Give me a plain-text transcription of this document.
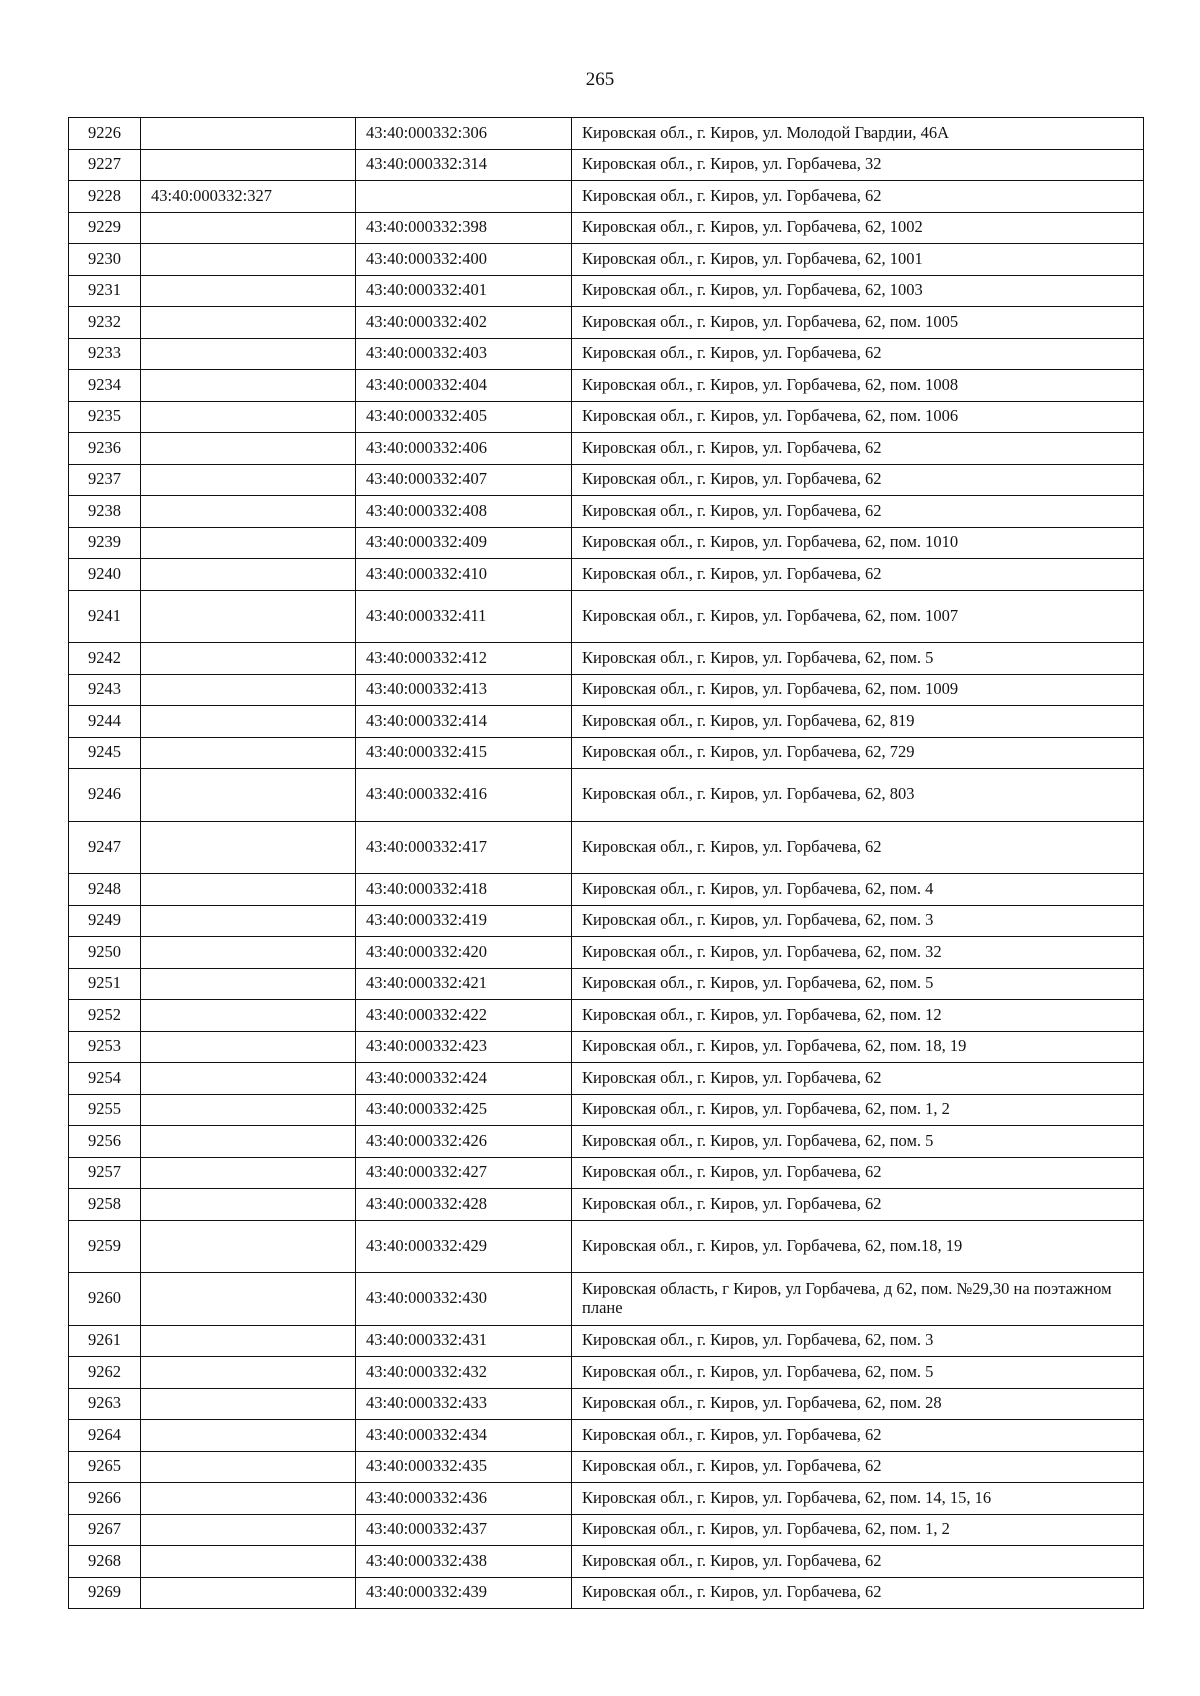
265
9226		43:40:000332:306	Кировская обл., г. Киров, ул. Молодой Гвардии, 46А
9227		43:40:000332:314	Кировская обл., г. Киров, ул. Горбачева, 32
9228	43:40:000332:327		Кировская обл., г. Киров, ул. Горбачева, 62
9229		43:40:000332:398	Кировская обл., г. Киров, ул. Горбачева, 62, 1002
9230		43:40:000332:400	Кировская обл., г. Киров, ул. Горбачева, 62, 1001
9231		43:40:000332:401	Кировская обл., г. Киров, ул. Горбачева, 62, 1003
9232		43:40:000332:402	Кировская обл., г. Киров, ул. Горбачева, 62, пом. 1005
9233		43:40:000332:403	Кировская обл., г. Киров, ул. Горбачева, 62
9234		43:40:000332:404	Кировская обл., г. Киров, ул. Горбачева, 62, пом. 1008
9235		43:40:000332:405	Кировская обл., г. Киров, ул. Горбачева, 62, пом. 1006
9236		43:40:000332:406	Кировская обл., г. Киров, ул. Горбачева, 62
9237		43:40:000332:407	Кировская обл., г. Киров, ул. Горбачева, 62
9238		43:40:000332:408	Кировская обл., г. Киров, ул. Горбачева, 62
9239		43:40:000332:409	Кировская обл., г. Киров, ул. Горбачева, 62, пом. 1010
9240		43:40:000332:410	Кировская обл., г. Киров, ул. Горбачева, 62
9241		43:40:000332:411	Кировская обл., г. Киров, ул. Горбачева, 62, пом. 1007
9242		43:40:000332:412	Кировская обл., г. Киров, ул. Горбачева, 62, пом. 5
9243		43:40:000332:413	Кировская обл., г. Киров, ул. Горбачева, 62, пом. 1009
9244		43:40:000332:414	Кировская обл., г. Киров, ул. Горбачева, 62, 819
9245		43:40:000332:415	Кировская обл., г. Киров, ул. Горбачева, 62, 729
9246		43:40:000332:416	Кировская обл., г. Киров, ул. Горбачева, 62, 803
9247		43:40:000332:417	Кировская обл., г. Киров, ул. Горбачева, 62
9248		43:40:000332:418	Кировская обл., г. Киров, ул. Горбачева, 62, пом. 4
9249		43:40:000332:419	Кировская обл., г. Киров, ул. Горбачева, 62, пом. 3
9250		43:40:000332:420	Кировская обл., г. Киров, ул. Горбачева, 62, пом. 32
9251		43:40:000332:421	Кировская обл., г. Киров, ул. Горбачева, 62, пом. 5
9252		43:40:000332:422	Кировская обл., г. Киров, ул. Горбачева, 62, пом. 12
9253		43:40:000332:423	Кировская обл., г. Киров, ул. Горбачева, 62, пом. 18, 19
9254		43:40:000332:424	Кировская обл., г. Киров, ул. Горбачева, 62
9255		43:40:000332:425	Кировская обл., г. Киров, ул. Горбачева, 62, пом. 1, 2
9256		43:40:000332:426	Кировская обл., г. Киров, ул. Горбачева, 62, пом. 5
9257		43:40:000332:427	Кировская обл., г. Киров, ул. Горбачева, 62
9258		43:40:000332:428	Кировская обл., г. Киров, ул. Горбачева, 62
9259		43:40:000332:429	Кировская обл., г. Киров, ул. Горбачева, 62, пом.18, 19
9260		43:40:000332:430	Кировская область, г Киров, ул Горбачева, д 62, пом. №29,30 на поэтажном плане
9261		43:40:000332:431	Кировская обл., г. Киров, ул. Горбачева, 62, пом. 3
9262		43:40:000332:432	Кировская обл., г. Киров, ул. Горбачева, 62, пом. 5
9263		43:40:000332:433	Кировская обл., г. Киров, ул. Горбачева, 62, пом. 28
9264		43:40:000332:434	Кировская обл., г. Киров, ул. Горбачева, 62
9265		43:40:000332:435	Кировская обл., г. Киров, ул. Горбачева, 62
9266		43:40:000332:436	Кировская обл., г. Киров, ул. Горбачева, 62, пом. 14, 15, 16
9267		43:40:000332:437	Кировская обл., г. Киров, ул. Горбачева, 62, пом. 1, 2
9268		43:40:000332:438	Кировская обл., г. Киров, ул. Горбачева, 62
9269		43:40:000332:439	Кировская обл., г. Киров, ул. Горбачева, 62
